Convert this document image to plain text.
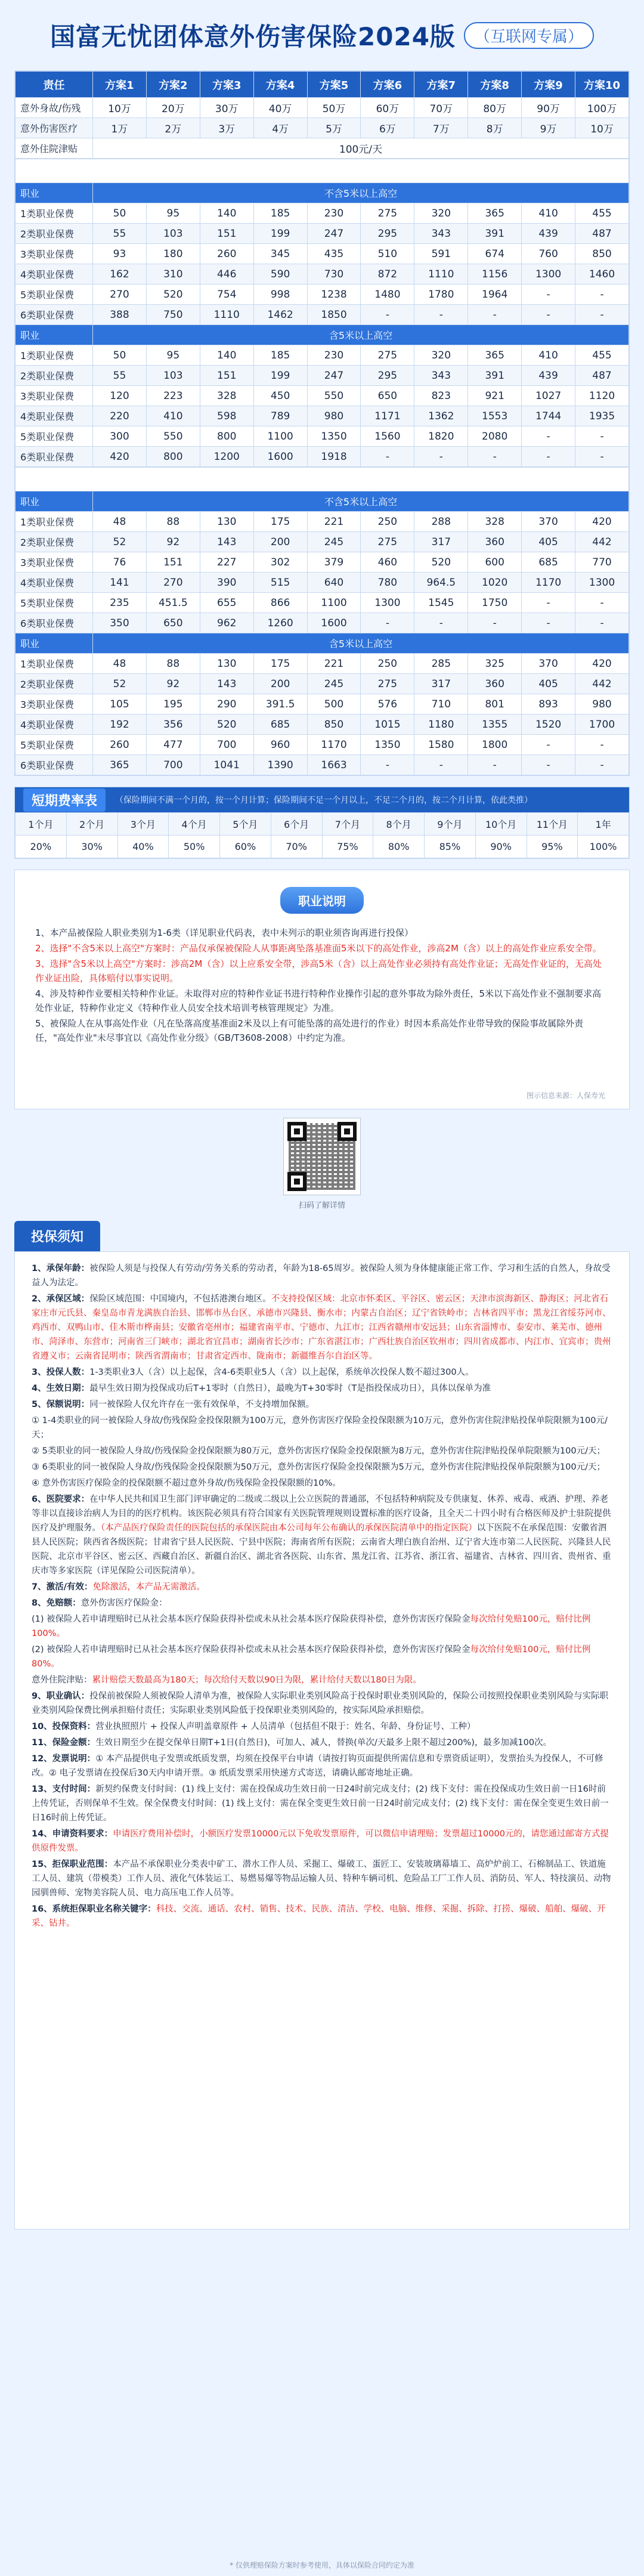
国富无忧团体意外伤害保险2024版	（互联网专属）
责任	方案1	方案2	方案3	方案4	方案5	方案6	方案7	方案8	方案9	方案10
意外身故/伤残	10万	20万	30万	40万	50万	60万	70万	80万	90万	100万
意外伤害医疗	1万	2万	3万	4万	5万	6万	7万	8万	9万	10万
意外住院津贴	100元/天									
A款										
职业	不含5米以上高空									
1类职业保费	50	95	140	185	230	275	320	365	410	455
2类职业保费	55	103	151	199	247	295	343	391	439	487
3类职业保费	93	180	260	345	435	510	591	674	760	850
4类职业保费	162	310	446	590	730	872	1110	1156	1300	1460
5类职业保费	270	520	754	998	1238	1480	1780	1964	-	-
6类职业保费	388	750	1110	1462	1850	-	-	-	-	-
职业	含5米以上高空									
1类职业保费	50	95	140	185	230	275	320	365	410	455
2类职业保费	55	103	151	199	247	295	343	391	439	487
3类职业保费	120	223	328	450	550	650	823	921	1027	1120
4类职业保费	220	410	598	789	980	1171	1362	1553	1744	1935
5类职业保费	300	550	800	1100	1350	1560	1820	2080	-	-
6类职业保费	420	800	1200	1600	1918	-	-	-	-	-
B款										
职业	不含5米以上高空									
1类职业保费	48	88	130	175	221	250	288	328	370	420
2类职业保费	52	92	143	200	245	275	317	360	405	442
3类职业保费	76	151	227	302	379	460	520	600	685	770
4类职业保费	141	270	390	515	640	780	964.5	1020	1170	1300
5类职业保费	235	451.5	655	866	1100	1300	1545	1750	-	-
6类职业保费	350	650	962	1260	1600	-	-	-	-	-
职业	含5米以上高空									
1类职业保费	48	88	130	175	221	250	285	325	370	420
2类职业保费	52	92	143	200	245	275	317	360	405	442
3类职业保费	105	195	290	391.5	500	576	710	801	893	980
4类职业保费	192	356	520	685	850	1015	1180	1355	1520	1700
5类职业保费	260	477	700	960	1170	1350	1580	1800	-	-
6类职业保费	365	700	1041	1390	1663	-	-	-	-	-
短期费率表	（保险期间不满一个月的，按一个月计算；保险期间不足一个月以上，不足二个月的，按二个月计算，依此类推）
1个月	2个月	3个月	4个月	5个月	6个月	7个月	8个月	9个月	10个月	11个月	1年
20%	30%	40%	50%	60%	70%	75%	80%	85%	90%	95%	100%
职业说明

1、本产品被保险人职业类别为1-6类（详见职业代码表，表中未列示的职业须咨询再进行投保）

2、选择"不含5米以上高空"方案时：产品仅承保被保险人从事距离坠落基准面5米以下的高处作业，涉高2M（含）以上的高处作业应系安全带。

3、选择"含5米以上高空"方案时：涉高2M（含）以上应系安全带，涉高5米（含）以上高处作业必须持有高处作业证；无高处作业证的，无高处作业证出险，具体赔付以事实说明。

4、涉及特种作业要相关特种作业证。未取得对应的特种作业证书进行特种作业操作引起的意外事故为除外责任，5米以下高处作业不强制要求高处作业证，特种作业定义《特种作业人员安全技术培训考核管理规定》为准。

5、被保险人在从事高处作业（凡在坠落高度基准面2米及以上有可能坠落的高处进行的作业）时因本系高处作业带导致的保险事故属除外责任，"高处作业"未尽事宜以《高处作业分级》（GB/T3608-2008）中约定为准。

图示信息来源：人保寿光
扫码了解详情
投保须知

1、承保年龄：被保险人须是与投保人有劳动/劳务关系的劳动者，年龄为18-65周岁。被保险人须为身体健康能正常工作、学习和生活的自然人，身故受益人为法定。

2、承保区域：保险区域范围：中国境内，不包括港澳台地区。不支持投保区域：北京市怀柔区、平谷区、密云区；天津市滨海新区、静海区；河北省石家庄市元氏县、秦皇岛市青龙满族自治县、邯郸市丛台区、承德市兴隆县、衡水市；内蒙古自治区；辽宁省铁岭市；吉林省四平市；黑龙江省绥芬河市、鸡西市、双鸭山市、佳木斯市桦南县；安徽省亳州市；福建省南平市、宁德市、九江市；江西省赣州市安远县；山东省淄博市、泰安市、莱芜市、德州市、菏泽市、东营市；河南省三门峡市；湖北省宜昌市；湖南省长沙市；广东省湛江市；广西壮族自治区钦州市；四川省成都市、内江市、宜宾市；贵州省遵义市；云南省昆明市；陕西省渭南市；甘肃省定西市、陇南市；新疆维吾尔自治区等。

3、投保人数：1-3类职业3人（含）以上起保，含4-6类职业5人（含）以上起保，系统单次投保人数不超过300人。

4、生效日期：最早生效日期为投保成功后T+1零时（自然日），最晚为T+30零时（T是指投保成功日），具体以保单为准

5、保额说明：同一被保险人仅允许存在一张有效保单，不支持增加保额。

① 1-4类职业的同一被保险人身故/伤残保险金投保限额为100万元，意外伤害医疗保险金投保限额为10万元，意外伤害住院津贴投保单院限额为100元/天；

② 5类职业的同一被保险人身故/伤残保险金投保限额为80万元，意外伤害医疗保险金投保限额为8万元，意外伤害住院津贴投保单院限额为100元/天；

③ 6类职业的同一被保险人身故/伤残保险金投保限额为50万元，意外伤害医疗保险金投保限额为5万元，意外伤害住院津贴投保单院限额为100元/天；

④ 意外伤害医疗保险金的投保限额不超过意外身故/伤残保险金投保限额的10%。

6、医院要求：在中华人民共和国卫生部门评审确定的二级或二级以上公立医院的普通部，不包括特种病院及专供康复、休养、戒毒、戒酒、护理、养老等非以直接诊治病人为目的的医疗机构。该医院必须具有符合国家有关医院管理规则设置标准的医疗设备，且全天二十四小时有合格医师及护士驻院提供医疗及护理服务。（本产品医疗保险责任的医院包括的承保医院由本公司每年公布确认的承保医院清单中的指定医院）以下医院不在承保范围：安徽省泗县人民医院；陕西省各级医院；甘肃省宁县人民医院、宁县中医院；海南省所有医院；云南省大理白族自治州、辽宁省大连市第二人民医院、兴隆县人民医院、北京市平谷区、密云区、西藏自治区、新疆自治区、湖北省各医院、山东省、黑龙江省、江苏省、浙江省、福建省、吉林省、四川省、贵州省、重庆市等多家医院（详见保险公司医院清单）。

7、激活/有效：免除激活，本产品无需激活。

8、免赔额：意外伤害医疗保险金：

(1) 被保险人若申请理赔时已从社会基本医疗保险获得补偿或未从社会基本医疗保险获得补偿，意外伤害医疗保险金每次给付免赔100元，赔付比例100%。

(2) 被保险人若申请理赔时已从社会基本医疗保险获得补偿或未从社会基本医疗保险获得补偿，意外伤害医疗保险金每次给付免赔100元，赔付比例80%。

意外住院津贴：累计赔偿天数最高为180天；每次给付天数以90日为限，累计给付天数以180日为限。

9、职业确认：投保前被保险人须被保险人清单为准，被保险人实际职业类别风险高于投保时职业类别风险的，保险公司按照投保职业类别风险与实际职业类别风险保费比例承担赔付责任；实际职业类别风险低于投保职业类别风险的，按实际风险承担赔偿。

10、投保资料：营业执照照片 + 投保人声明盖章原件 + 人员清单（包括但不限于：姓名、年龄、身份证号、工种）

11、保险金额：生效日期至少在提交保单日期T+1日(自然日)，可加人、减人，替换(单次/天最多上限不超过200%)，最多加减100次。

12、发票说明：① 本产品提供电子发票或纸质发票，均须在投保平台申请（请按打钩页面提供所需信息和专票资质证明），发票抬头为投保人，不可修改。② 电子发票请在投保后30天内申请开票。③ 纸质发票采用快递方式寄送，请确认邮寄地址正确。

13、支付时间：新契约保费支付时间：(1) 线上支付：需在投保成功生效日前一日24时前完成支付；(2) 线下支付：需在投保成功生效日前一日16时前上传凭证，否则保单不生效。保全保费支付时间：(1) 线上支付：需在保全变更生效日前一日24时前完成支付；(2) 线下支付：需在保全变更生效日前一日16时前上传凭证。

14、申请资料要求：申请医疗费用补偿时，小额医疗发票10000元以下免收发票原件，可以微信申请理赔；发票超过10000元的，请您通过邮寄方式提供原件发票。

15、拒保职业范围：本产品不承保职业分类表中矿工、潜水工作人员、采掘工、爆破工、蛋匠工、安装玻璃幕墙工、高炉炉前工、石棉制品工、铁道施工人员、建筑（带模类）工作人员、液化气体装运工、易燃易爆等物品运输人员、特种车辆司机、危险品工厂工作人员、消防员、军人、特技演员、动物园驯兽师、宠物美容院人员、电力高压电工作人员等。

16、系统拒保职业名称关键字：科技、交流、通话、农村、销售、技术、民族、清洁、学校、电脑、维修、采掘、拆除、打捞、爆破、船舶、爆破、开采、钻井。

* 仅供理赔保险方案时参考使用，具体以保险合同约定为准
